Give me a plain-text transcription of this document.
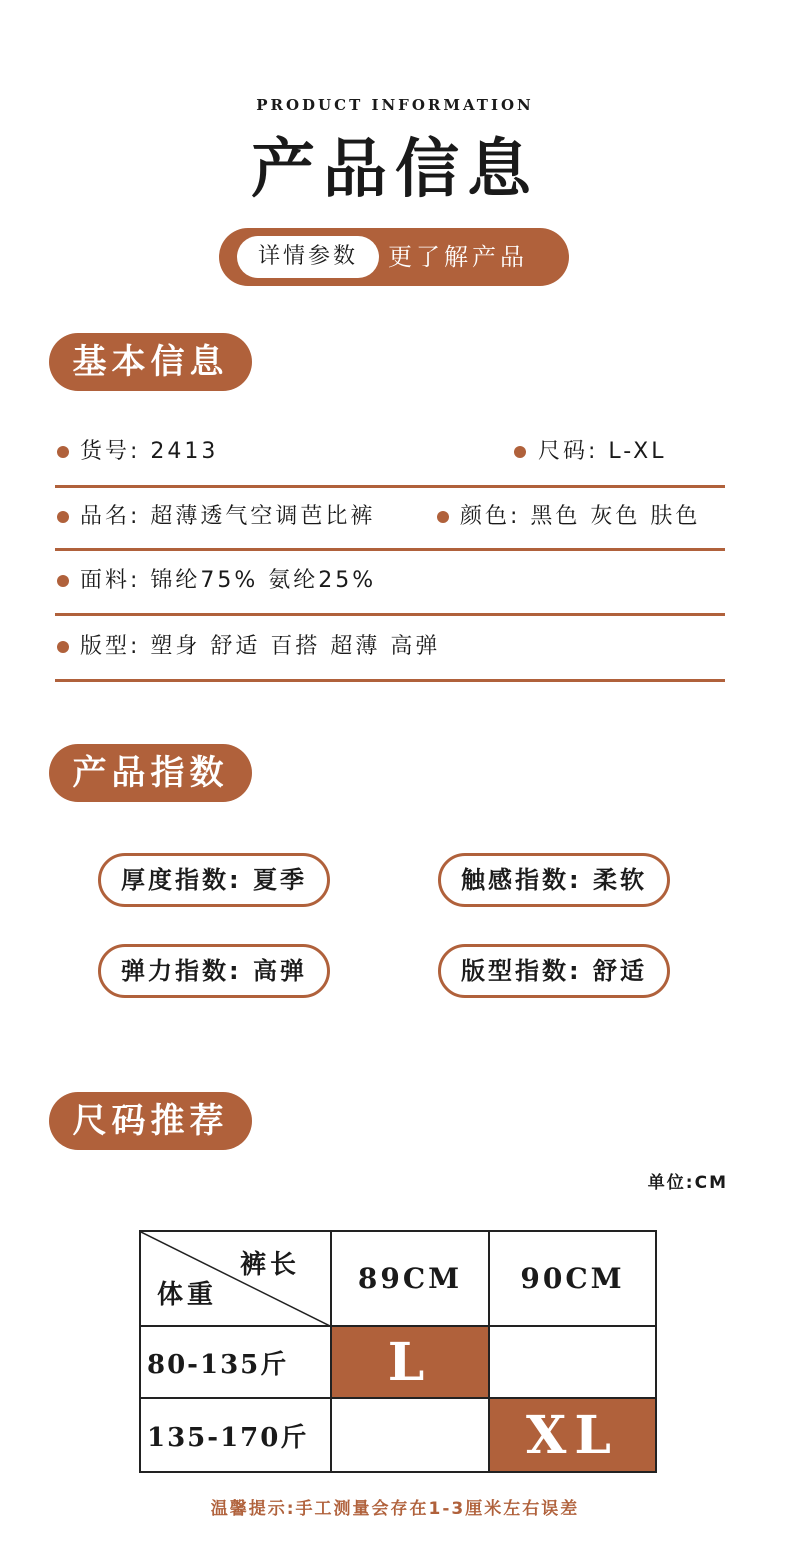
PRODUCT INFORMATION
产品信息
详情参数	更了解产品
基本信息
货号: 2413	尺码: L-XL
品名: 超薄透气空调芭比裤	颜色: 黑色 灰色 肤色
面料: 锦纶75% 氨纶25%
版型: 塑身 舒适 百搭 超薄 高弹
产品指数
厚度指数: 夏季	触感指数: 柔软
弹力指数: 高弹	版型指数: 舒适
尺码推荐
单位:CM
裤长
体重	89CM	90CM
80-135斤	L	
135-170斤		XL
温馨提示:手工测量会存在1-3厘米左右误差
